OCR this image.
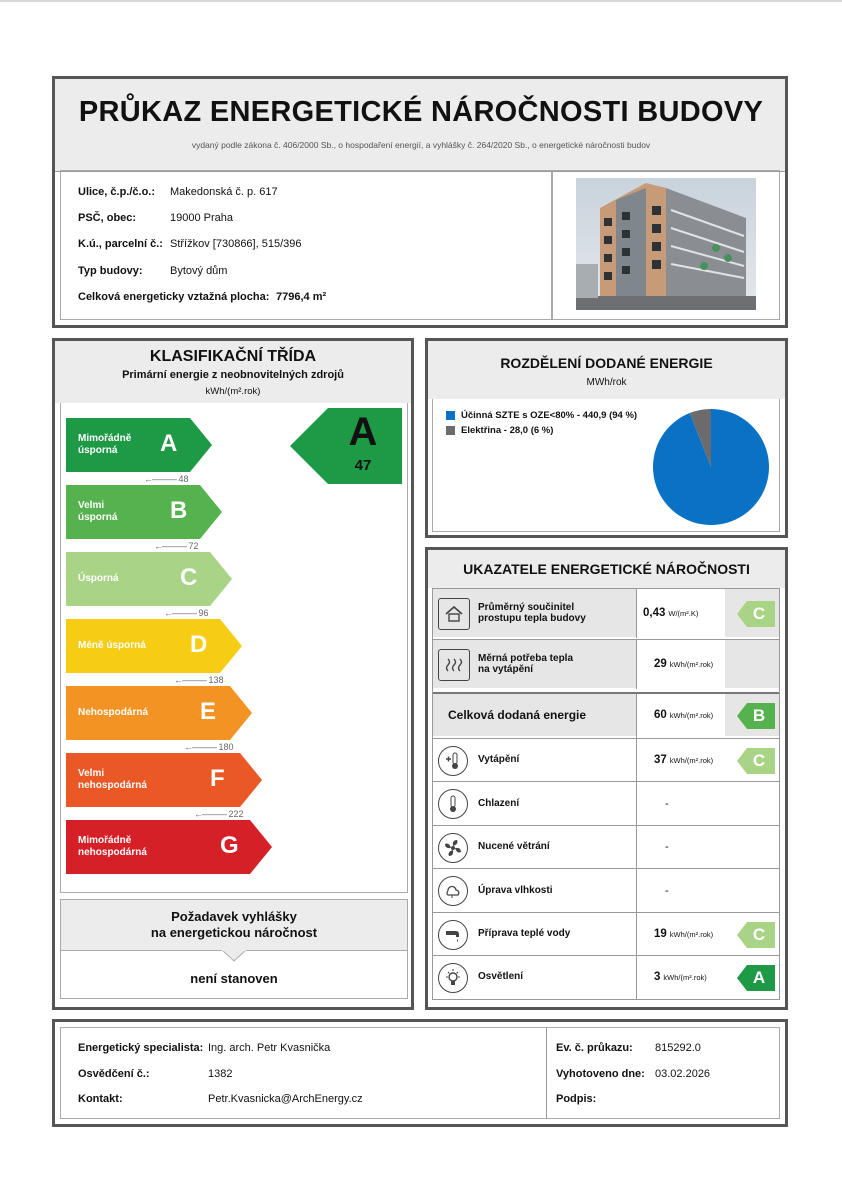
PRŮKAZ ENERGETICKÉ NÁROČNOSTI BUDOVY
vydaný podle zákona č. 406/2000 Sb., o hospodaření energií, a vyhlášky č. 264/2020 Sb., o energetické náročnosti budov
Ulice, č.p./č.o.: Makedonská č. p. 617
PSČ, obec:	19000 Praha
K.ú., parcelní č.: Střížkov [730866], 515/396
Typ budovy: Bytový dům
Celková energeticky vztažná plocha: 7796,4 m²
KLASIFIKAČNÍ TŘÍDA
Primární energie z neobnovitelných zdrojů
kWh/(m².rok)
Mimořádně
úsporná	A
←——— 48
Velmi
úsporná B
←——— 72
Úsporná	C
←——— 96
Méně úsporná D
←——— 138
Nehospodárná E
←——— 180
Velmi
nehospodárná	F
←——— 222
Mimořádně
nehospodárná	G
A
47
Požadavek vyhlášky
na energetickou náročnost
není stanoven
ROZDĚLENÍ DODANÉ ENERGIE
MWh/rok
Účinná SZTE s OZE<80% - 440,9 (94 %)
Elektřina - 28,0 (6 %)
UKAZATELE ENERGETICKÉ NÁROČNOSTI
Průměrný součinitel
prostupu tepla budovy	0,43 W/(m².K)	C
Měrná potřeba tepla
na vytápění	29 kWh/(m².rok)
Celková dodaná energie	60 kWh/(m².rok)	B
Vytápění	37 kWh/(m².rok)	C
Chlazení	-
Nucené větrání	-
Úprava vlhkosti	-
Příprava teplé vody	19 kWh/(m².rok)	C
Osvětlení	3 kWh/(m².rok)	A
Energetický specialista: Ing. arch. Petr Kvasnička
Osvědčení č.:	1382
Kontakt:	Petr.Kvasnicka@ArchEnergy.cz
Ev. č. průkazu: 815292.0
Vyhotoveno dne: 03.02.2026
Podpis:
